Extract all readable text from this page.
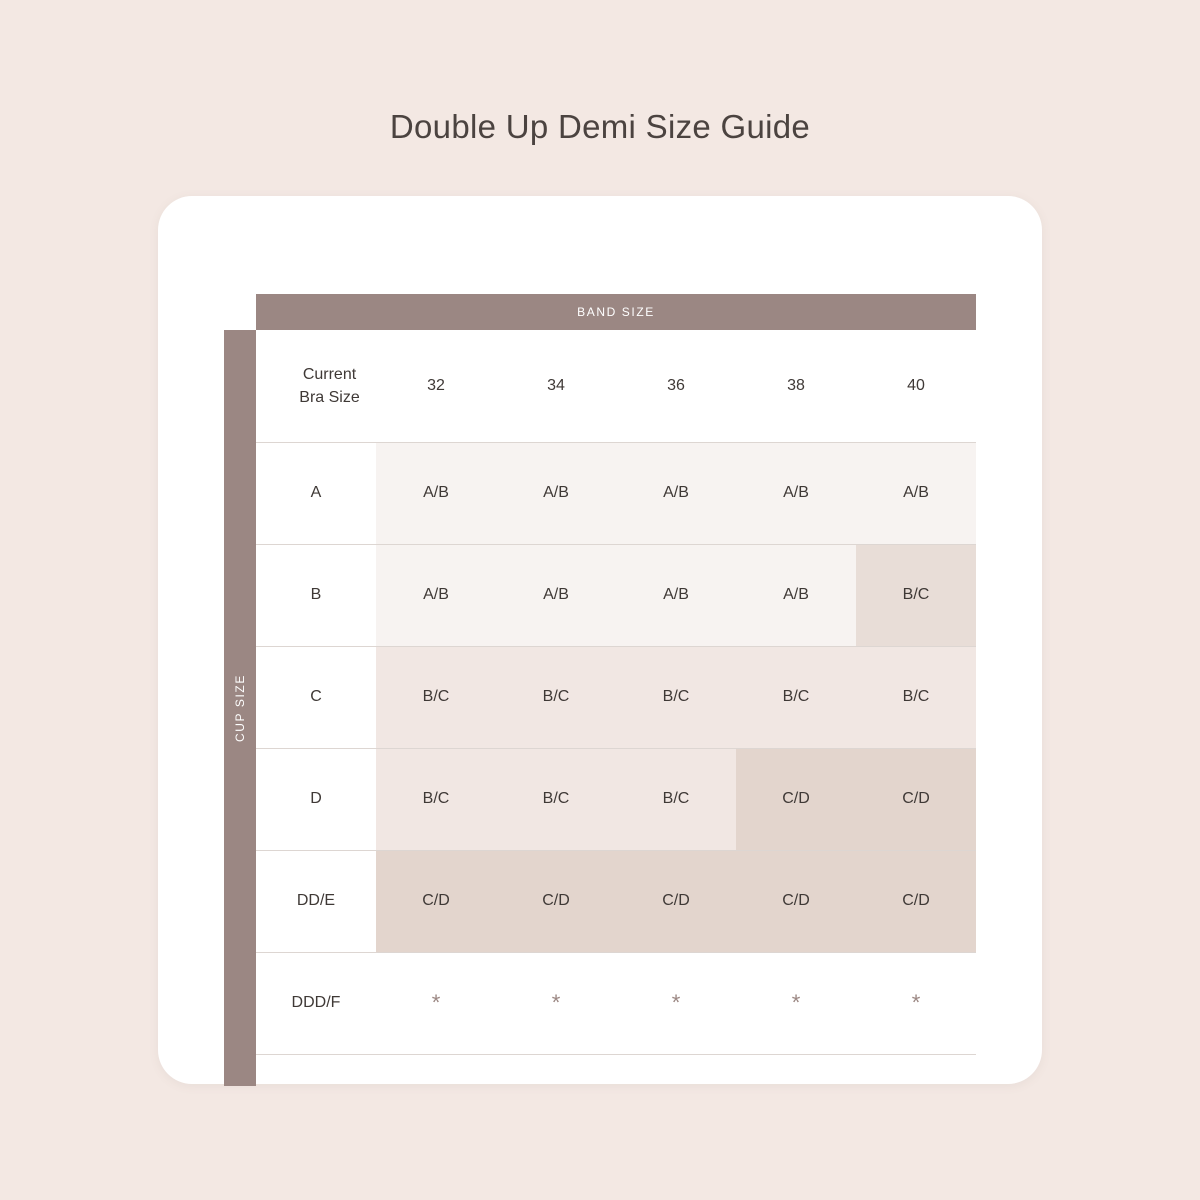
Double Up Demi Size Guide
BAND SIZE
CUP SIZE
Current
Bra Size	32	34	36	38	40
A	A/B	A/B	A/B	A/B	A/B
B	A/B	A/B	A/B	A/B	B/C
C	B/C	B/C	B/C	B/C	B/C
D	B/C	B/C	B/C	C/D	C/D
DD/E	C/D	C/D	C/D	C/D	C/D
DDD/F	*	*	*	*	*
